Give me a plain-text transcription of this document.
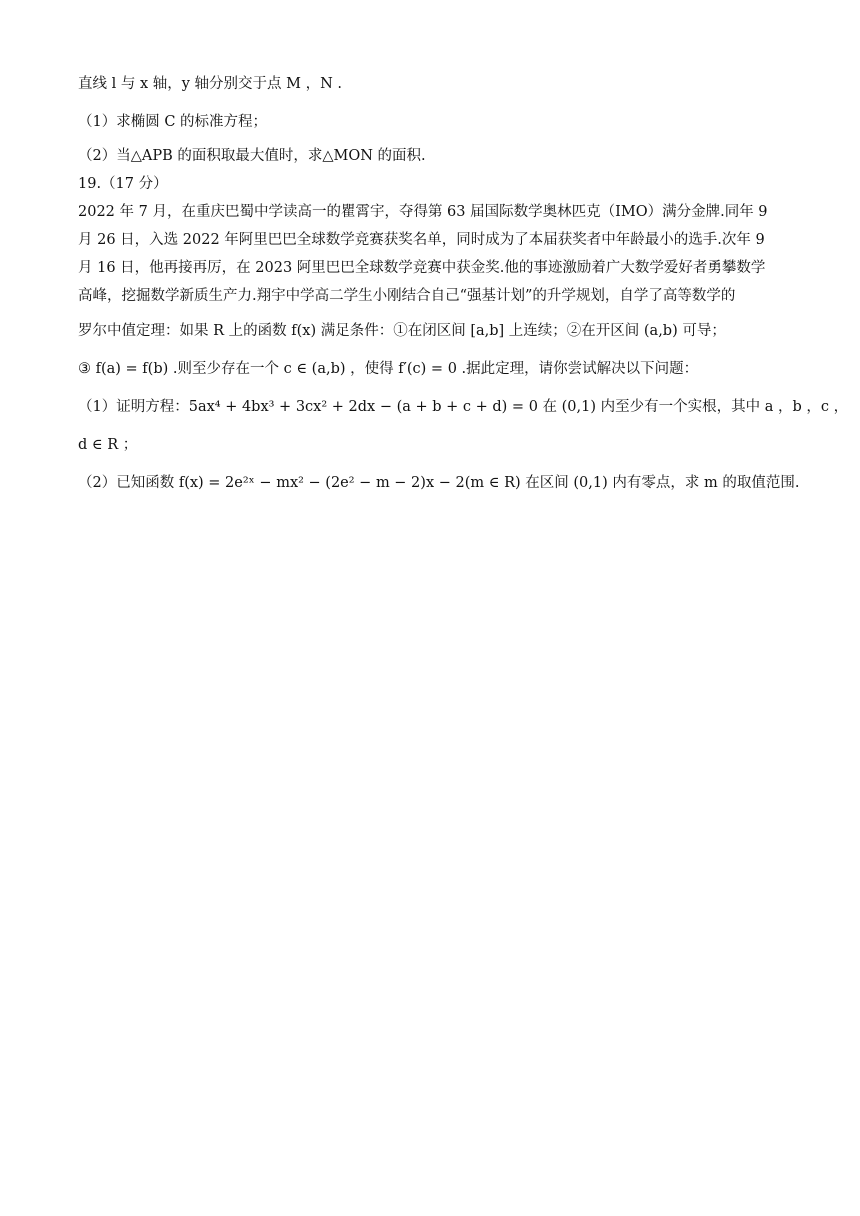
直线 l 与 x 轴，y 轴分别交于点 M ，N .
（1）求椭圆 C 的标准方程；
（2）当△APB 的面积取最大值时，求△MON 的面积.
19.（17 分）
2022 年 7 月，在重庆巴蜀中学读高一的瞿霄宇，夺得第 63 届国际数学奥林匹克（IMO）满分金牌.同年 9
月 26 日，入选 2022 年阿里巴巴全球数学竞赛获奖名单，同时成为了本届获奖者中年龄最小的选手.次年 9
月 16 日，他再接再厉，在 2023 阿里巴巴全球数学竞赛中获金奖.他的事迹激励着广大数学爱好者勇攀数学
高峰，挖掘数学新质生产力.翔宇中学高二学生小刚结合自己“强基计划”的升学规划，自学了高等数学的
罗尔中值定理：如果 R 上的函数 f(x) 满足条件：①在闭区间 [a,b] 上连续；②在开区间 (a,b) 可导；
③ f(a) = f(b) .则至少存在一个 c ∈ (a,b) ，使得 f′(c) = 0 .据此定理，请你尝试解决以下问题：
（1）证明方程：5ax⁴ + 4bx³ + 3cx² + 2dx − (a + b + c + d) = 0 在 (0,1) 内至少有一个实根，其中 a ，b ，c ，
d ∈ R ；
（2）已知函数 f(x) = 2e²ˣ − mx² − (2e² − m − 2)x − 2(m ∈ R) 在区间 (0,1) 内有零点，求 m 的取值范围.
